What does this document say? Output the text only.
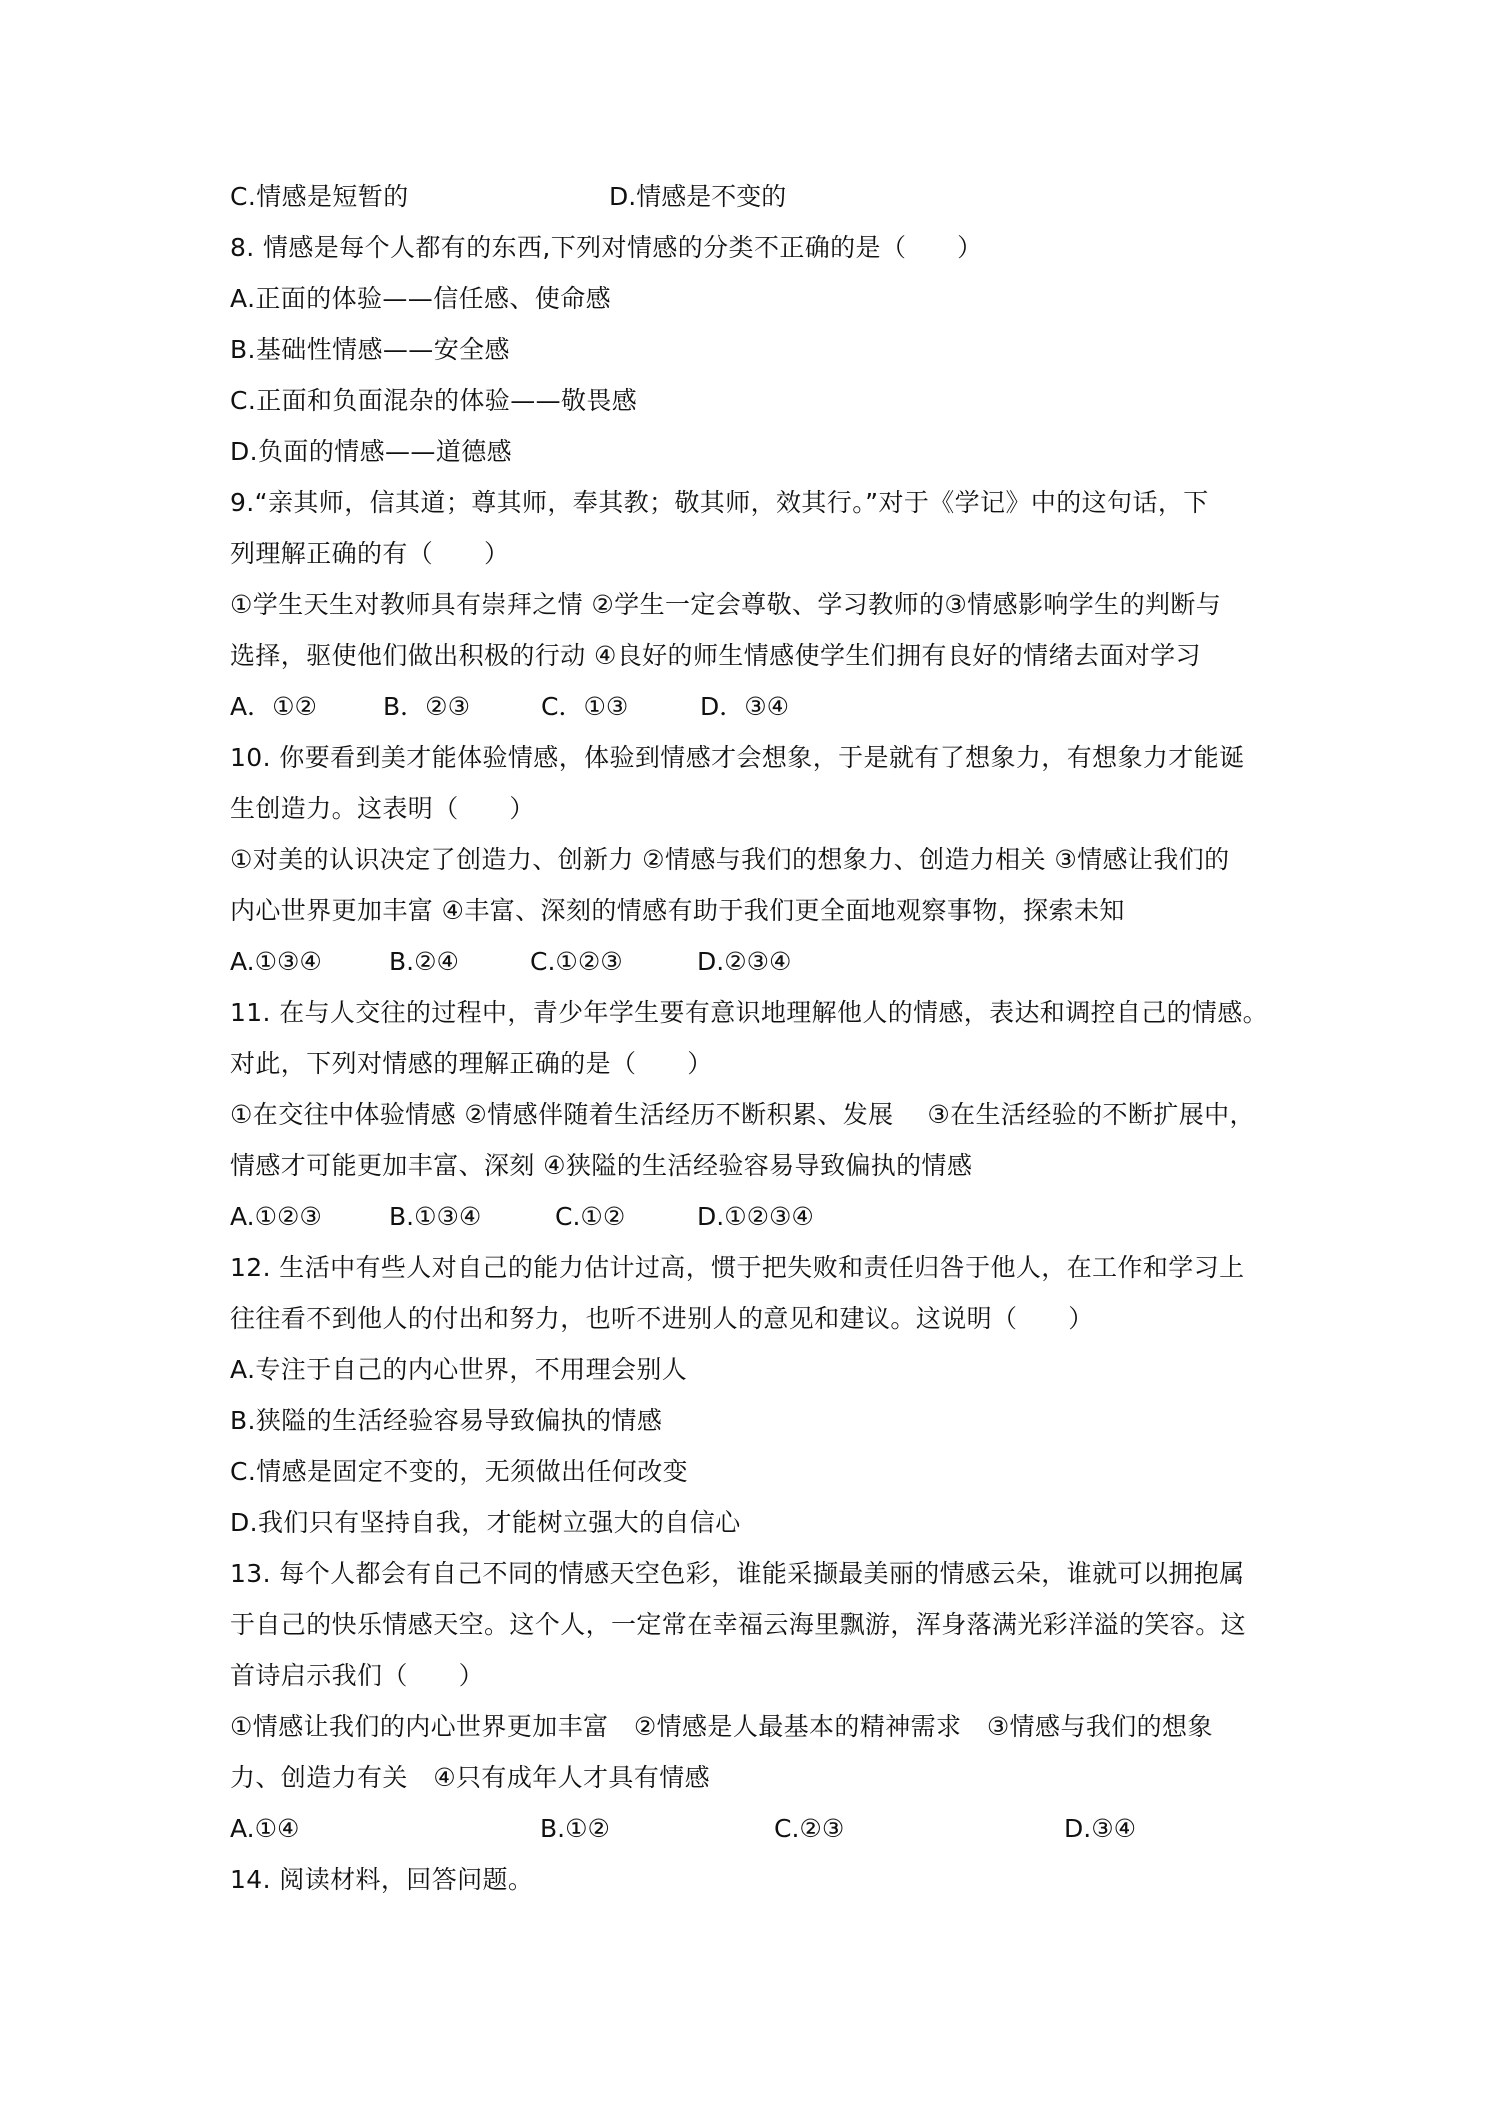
C.情感是短暂的	D.情感是不变的
8. 情感是每个人都有的东西,下列对情感的分类不正确的是（　　）
A.正面的体验——信任感、使命感
B.基础性情感——安全感
C.正面和负面混杂的体验——敬畏感
D.负面的情感——道德感
9.“亲其师，信其道；尊其师，奉其教；敬其师，效其行。”对于《学记》中的这句话，下
列理解正确的有（　　）
①学生天生对教师具有崇拜之情 ②学生一定会尊敬、学习教师的③情感影响学生的判断与
选择，驱使他们做出积极的行动 ④良好的师生情感使学生们拥有良好的情绪去面对学习
A．①②	B．②③	C．①③	D．③④
10. 你要看到美才能体验情感，体验到情感才会想象，于是就有了想象力，有想象力才能诞
生创造力。这表明（　　）
①对美的认识决定了创造力、创新力 ②情感与我们的想象力、创造力相关 ③情感让我们的
内心世界更加丰富 ④丰富、深刻的情感有助于我们更全面地观察事物，探索未知
A.①③④	B.②④	C.①②③	D.②③④
11. 在与人交往的过程中，青少年学生要有意识地理解他人的情感，表达和调控自己的情感。
对此，下列对情感的理解正确的是（　　）
①在交往中体验情感 ②情感伴随着生活经历不断积累、发展　 ③在生活经验的不断扩展中，
情感才可能更加丰富、深刻 ④狭隘的生活经验容易导致偏执的情感
A.①②③	B.①③④	C.①②	D.①②③④
12. 生活中有些人对自己的能力估计过高，惯于把失败和责任归咎于他人，在工作和学习上
往往看不到他人的付出和努力，也听不进别人的意见和建议。这说明（　　）
A.专注于自己的内心世界，不用理会别人
B.狭隘的生活经验容易导致偏执的情感
C.情感是固定不变的，无须做出任何改变
D.我们只有坚持自我，才能树立强大的自信心
13. 每个人都会有自己不同的情感天空色彩，谁能采撷最美丽的情感云朵，谁就可以拥抱属
于自己的快乐情感天空。这个人，一定常在幸福云海里飘游，浑身落满光彩洋溢的笑容。这
首诗启示我们（　　）
①情感让我们的内心世界更加丰富　②情感是人最基本的精神需求　③情感与我们的想象
力、创造力有关　④只有成年人才具有情感
A.①④	B.①②	C.②③	D.③④
14. 阅读材料，回答问题。
